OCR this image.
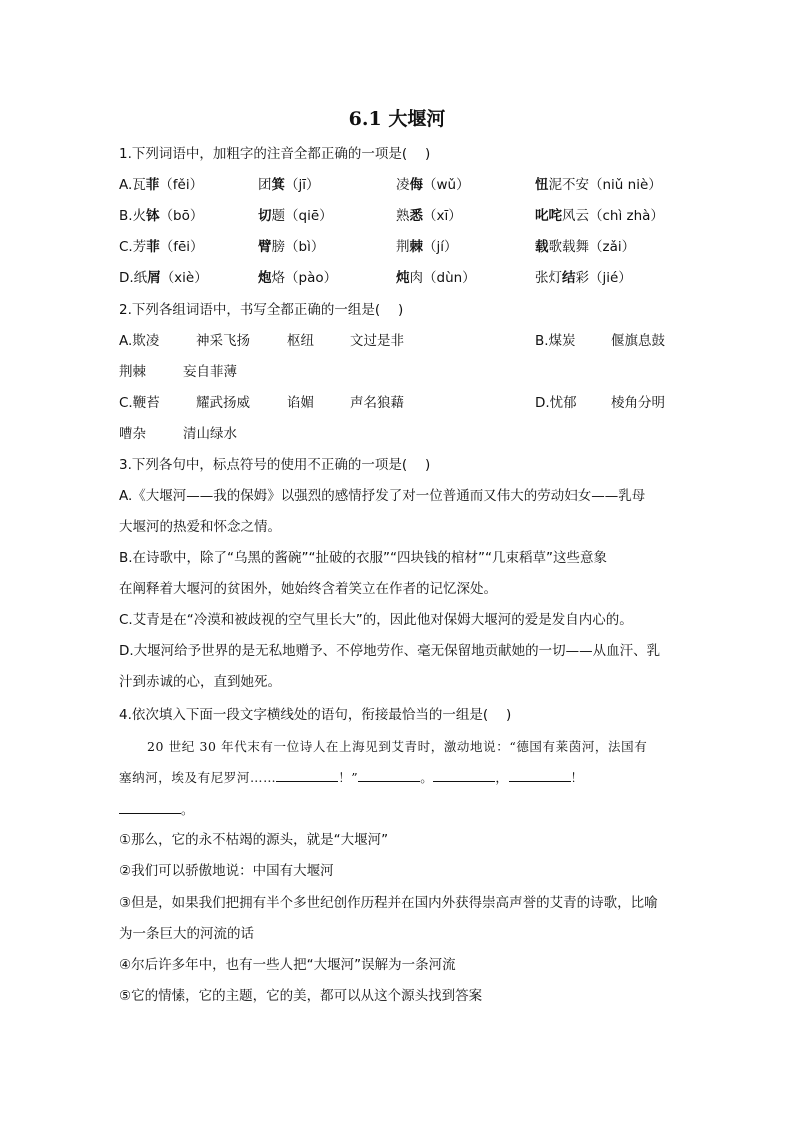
6.1 大堰河
1.下列词语中，加粗字的注音全都正确的一项是(　 )
A.瓦菲（fěi）	团箕（jī）	凌侮（wǔ）	忸泥不安（niǔ niè）
B.火钵（bō）	切题（qiē）	熟悉（xī）	叱咤风云（chì zhà）
C.芳菲（fēi）	臂膀（bì）	荆棘（jí）	载歌载舞（zǎi）
D.纸屑（xiè）	炮烙（pào）	炖肉（dùn）	张灯结彩（jié）
2.下列各组词语中，书写全都正确的一组是(　 )
A.欺凌	神采飞扬	枢纽	文过是非	B.煤炭	偃旗息鼓
荆棘	妄自菲薄
C.鞭苔	耀武扬威	谄媚	声名狼藉	D.忧郁	棱角分明
嘈杂	清山绿水
3.下列各句中，标点符号的使用不正确的一项是(　 )
A.《大堰河——我的保姆》以强烈的感情抒发了对一位普通而又伟大的劳动妇女——乳母
大堰河的热爱和怀念之情。
B.在诗歌中，除了“乌黑的酱碗”“扯破的衣服”“四块钱的棺材”“几束稻草”这些意象
在阐释着大堰河的贫困外，她始终含着笑立在作者的记忆深处。
C.艾青是在“冷漠和被歧视的空气里长大”的，因此他对保姆大堰河的爱是发自内心的。
D.大堰河给予世界的是无私地赠予、不停地劳作、毫无保留地贡献她的一切——从血汗、乳
汁到赤诚的心，直到她死。
4.依次填入下面一段文字横线处的语句，衔接最恰当的一组是(　 )
20 世纪 30 年代末有一位诗人在上海见到艾青时，激动地说：“德国有莱茵河，法国有
塞纳河，埃及有尼罗河……	！”	。	，	！
。
①那么，它的永不枯竭的源头，就是“大堰河”
②我们可以骄傲地说：中国有大堰河
③但是，如果我们把拥有半个多世纪创作历程并在国内外获得崇高声誉的艾青的诗歌，比喻
为一条巨大的河流的话
④尔后许多年中，也有一些人把“大堰河”误解为一条河流
⑤它的情愫，它的主题，它的美，都可以从这个源头找到答案
